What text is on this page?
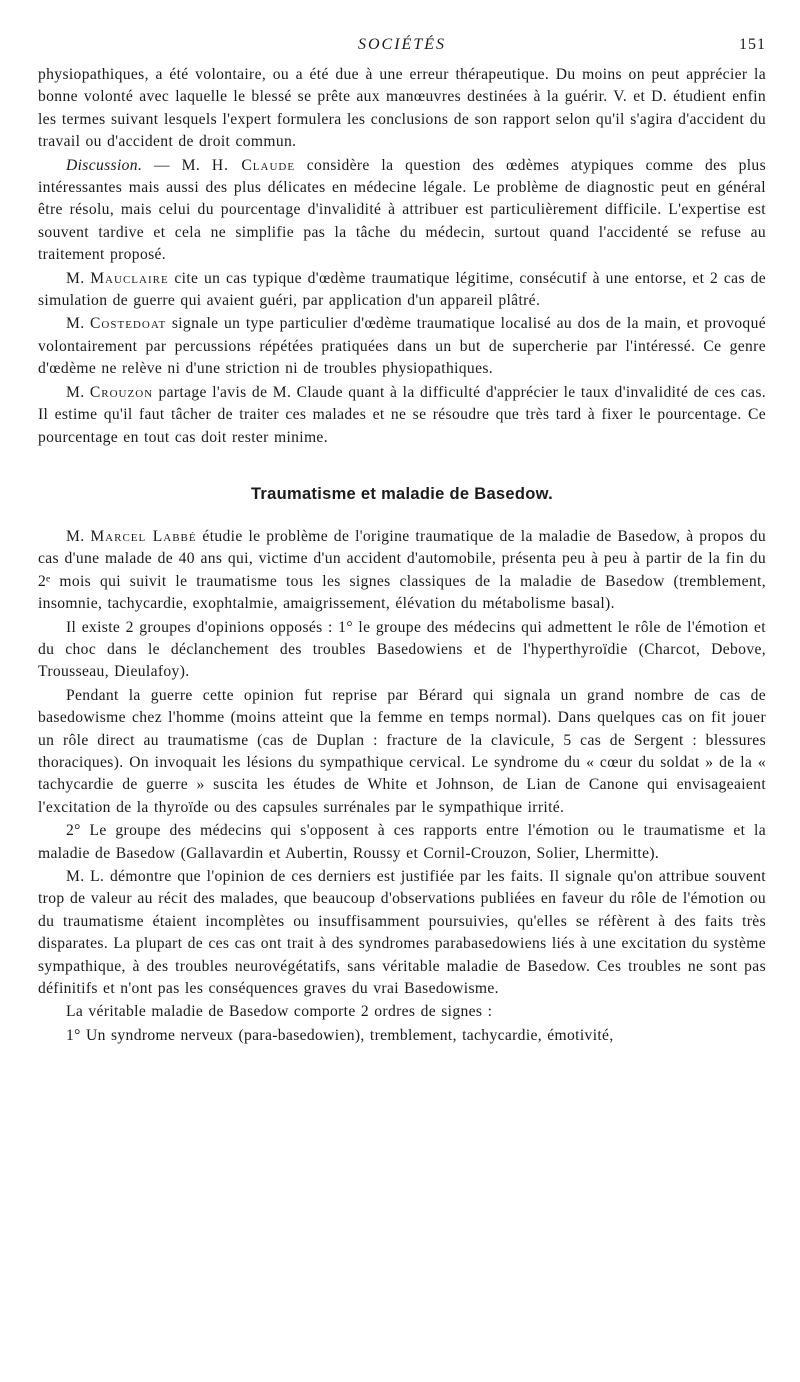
SOCIÉTÉS	151

physiopathiques, a été volontaire, ou a été due à une erreur thérapeutique. Du moins on peut apprécier la bonne volonté avec laquelle le blessé se prête aux manœuvres destinées à la guérir. V. et D. étudient enfin les termes suivant lesquels l'expert formulera les conclusions de son rapport selon qu'il s'agira d'accident du travail ou d'accident de droit commun.

Discussion. — M. H. Claude considère la question des œdèmes atypiques comme des plus intéressantes mais aussi des plus délicates en médecine légale. Le problème de diagnostic peut en général être résolu, mais celui du pourcentage d'invalidité à attribuer est particulièrement difficile. L'expertise est souvent tardive et cela ne simplifie pas la tâche du médecin, surtout quand l'accidenté se refuse au traitement proposé.

M. Mauclaire cite un cas typique d'œdème traumatique légitime, consécutif à une entorse, et 2 cas de simulation de guerre qui avaient guéri, par application d'un appareil plâtré.

M. Costedoat signale un type particulier d'œdème traumatique localisé au dos de la main, et provoqué volontairement par percussions répétées pratiquées dans un but de supercherie par l'intéressé. Ce genre d'œdème ne relève ni d'une striction ni de troubles physiopathiques.

M. Crouzon partage l'avis de M. Claude quant à la difficulté d'apprécier le taux d'invalidité de ces cas. Il estime qu'il faut tâcher de traiter ces malades et ne se résoudre que très tard à fixer le pourcentage. Ce pourcentage en tout cas doit rester minime.

Traumatisme et maladie de Basedow.

M. Marcel Labbé étudie le problème de l'origine traumatique de la maladie de Basedow, à propos du cas d'une malade de 40 ans qui, victime d'un accident d'automobile, présenta peu à peu à partir de la fin du 2ᵉ mois qui suivit le traumatisme tous les signes classiques de la maladie de Basedow (tremblement, insomnie, tachycardie, exophtalmie, amaigrissement, élévation du métabolisme basal).

Il existe 2 groupes d'opinions opposés : 1° le groupe des médecins qui admettent le rôle de l'émotion et du choc dans le déclanchement des troubles Basedowiens et de l'hyperthyroïdie (Charcot, Debove, Trousseau, Dieulafoy).

Pendant la guerre cette opinion fut reprise par Bérard qui signala un grand nombre de cas de basedowisme chez l'homme (moins atteint que la femme en temps normal). Dans quelques cas on fit jouer un rôle direct au traumatisme (cas de Duplan : fracture de la clavicule, 5 cas de Sergent : blessures thoraciques). On invoquait les lésions du sympathique cervical. Le syndrome du « cœur du soldat » de la « tachycardie de guerre » suscita les études de White et Johnson, de Lian de Canone qui envisageaient l'excitation de la thyroïde ou des capsules surrénales par le sympathique irrité.

2° Le groupe des médecins qui s'opposent à ces rapports entre l'émotion ou le traumatisme et la maladie de Basedow (Gallavardin et Aubertin, Roussy et Cornil-Crouzon, Solier, Lhermitte).

M. L. démontre que l'opinion de ces derniers est justifiée par les faits. Il signale qu'on attribue souvent trop de valeur au récit des malades, que beaucoup d'observations publiées en faveur du rôle de l'émotion ou du traumatisme étaient incomplètes ou insuffisamment poursuivies, qu'elles se réfèrent à des faits très disparates. La plupart de ces cas ont trait à des syndromes parabasedowiens liés à une excitation du système sympathique, à des troubles neurovégétatifs, sans véritable maladie de Basedow. Ces troubles ne sont pas définitifs et n'ont pas les conséquences graves du vrai Basedowisme.

La véritable maladie de Basedow comporte 2 ordres de signes :

1° Un syndrome nerveux (para-basedowien), tremblement, tachycardie, émotivité,
